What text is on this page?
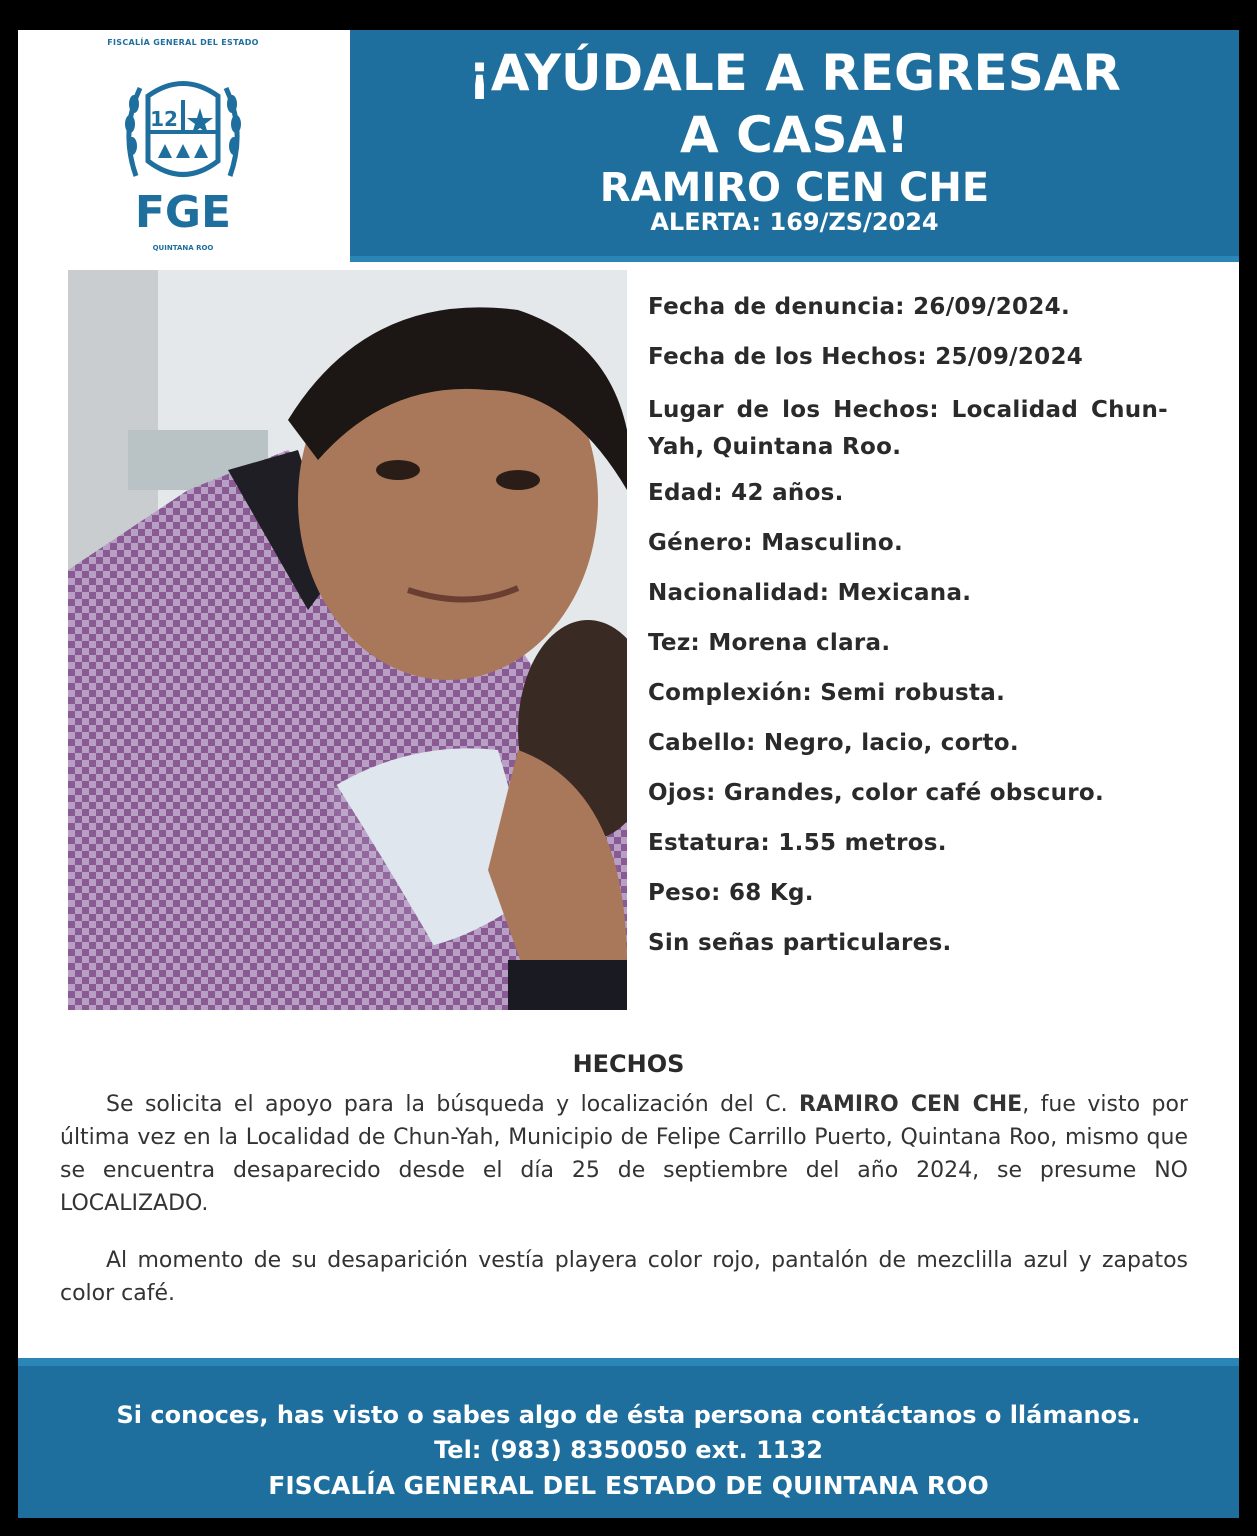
FISCALÍA GENERAL DEL ESTADO
12
FGE
QUINTANA ROO
¡AYÚDALE A REGRESAR
A CASA!
RAMIRO CEN CHE
ALERTA: 169/ZS/2024

Fecha de denuncia: 26/09/2024.

Fecha de los Hechos: 25/09/2024

Lugar de los Hechos: Localidad Chun-Yah, Quintana Roo.

Edad: 42 años.

Género: Masculino.

Nacionalidad: Mexicana.

Tez: Morena clara.

Complexión: Semi robusta.

Cabello: Negro, lacio, corto.

Ojos: Grandes, color café obscuro.

Estatura: 1.55 metros.

Peso: 68 Kg.

Sin señas particulares.

HECHOS

Se solicita el apoyo para la búsqueda y localización del C. RAMIRO CEN CHE, fue visto por última vez en la Localidad de Chun-Yah, Municipio de Felipe Carrillo Puerto, Quintana Roo, mismo que se encuentra desaparecido desde el día 25 de septiembre del año 2024, se presume NO LOCALIZADO.

Al momento de su desaparición vestía playera color rojo, pantalón de mezclilla azul y zapatos color café.

Si conoces, has visto o sabes algo de ésta persona contáctanos o llámanos.
Tel: (983) 8350050 ext. 1132
FISCALÍA GENERAL DEL ESTADO DE QUINTANA ROO
